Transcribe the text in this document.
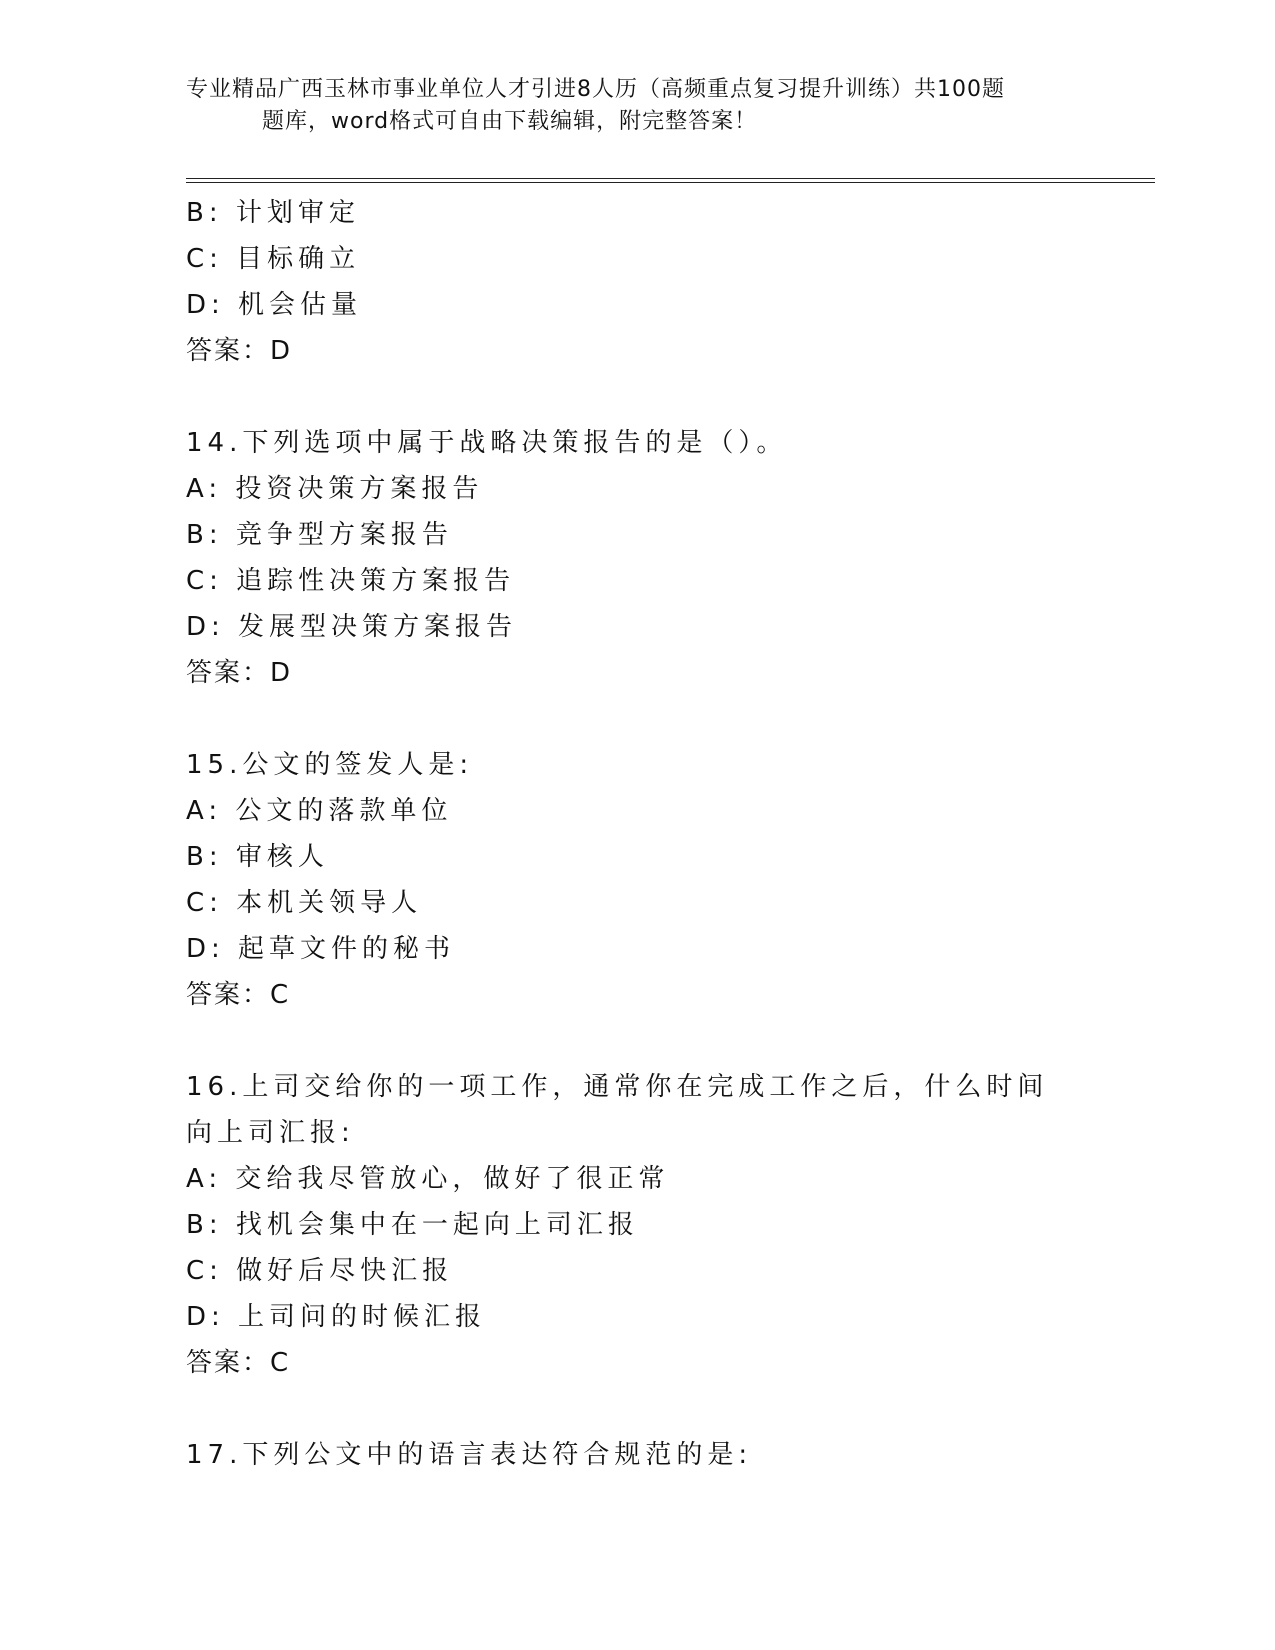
专业精品广西玉林市事业单位人才引进8人历（高频重点复习提升训练）共100题
题库，word格式可自由下载编辑，附完整答案！
B: 计划审定
C: 目标确立
D: 机会估量
答案：D
14.下列选项中属于战略决策报告的是（）。
A: 投资决策方案报告
B: 竞争型方案报告
C: 追踪性决策方案报告
D: 发展型决策方案报告
答案：D
15.公文的签发人是:
A: 公文的落款单位
B: 审核人
C: 本机关领导人
D: 起草文件的秘书
答案：C
16.上司交给你的一项工作，通常你在完成工作之后，什么时间向上司汇报:
A: 交给我尽管放心，做好了很正常
B: 找机会集中在一起向上司汇报
C: 做好后尽快汇报
D: 上司问的时候汇报
答案：C
17.下列公文中的语言表达符合规范的是:
